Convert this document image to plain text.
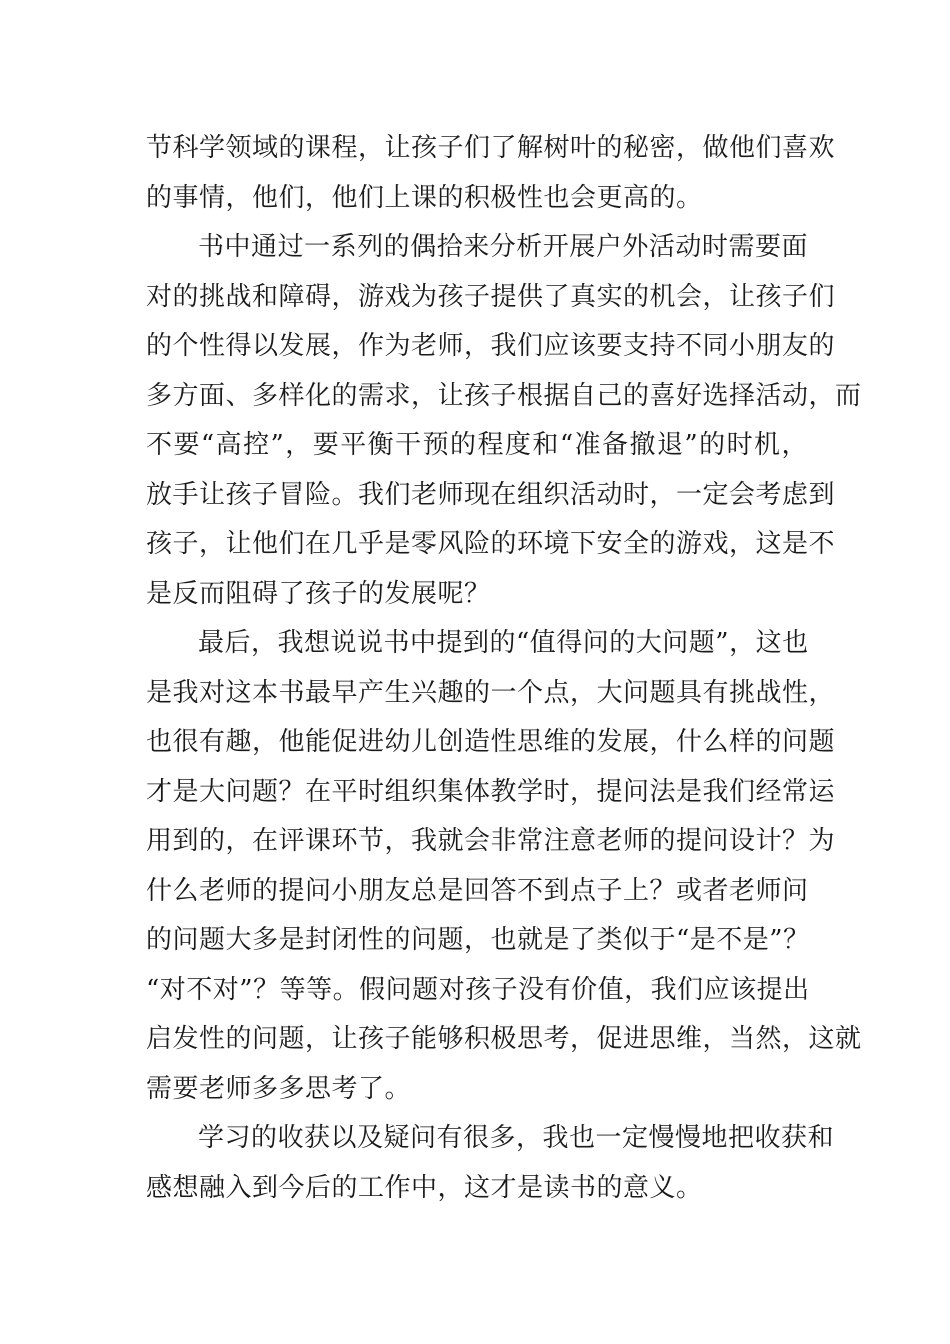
节科学领域的课程，让孩子们了解树叶的秘密，做他们喜欢
的事情，他们，他们上课的积极性也会更高的。
书中通过一系列的偶拾来分析开展户外活动时需要面
对的挑战和障碍，游戏为孩子提供了真实的机会，让孩子们
的个性得以发展，作为老师，我们应该要支持不同小朋友的
多方面、多样化的需求，让孩子根据自己的喜好选择活动，而
不要“高控”，要平衡干预的程度和“准备撤退”的时机，
放手让孩子冒险。我们老师现在组织活动时，一定会考虑到
孩子，让他们在几乎是零风险的环境下安全的游戏，这是不
是反而阻碍了孩子的发展呢？
最后，我想说说书中提到的“值得问的大问题”，这也
是我对这本书最早产生兴趣的一个点，大问题具有挑战性，
也很有趣，他能促进幼儿创造性思维的发展，什么样的问题
才是大问题？在平时组织集体教学时，提问法是我们经常运
用到的，在评课环节，我就会非常注意老师的提问设计？为
什么老师的提问小朋友总是回答不到点子上？或者老师问
的问题大多是封闭性的问题，也就是了类似于“是不是”？
“对不对”？等等。假问题对孩子没有价值，我们应该提出
启发性的问题，让孩子能够积极思考，促进思维，当然，这就
需要老师多多思考了。
学习的收获以及疑问有很多，我也一定慢慢地把收获和
感想融入到今后的工作中，这才是读书的意义。
